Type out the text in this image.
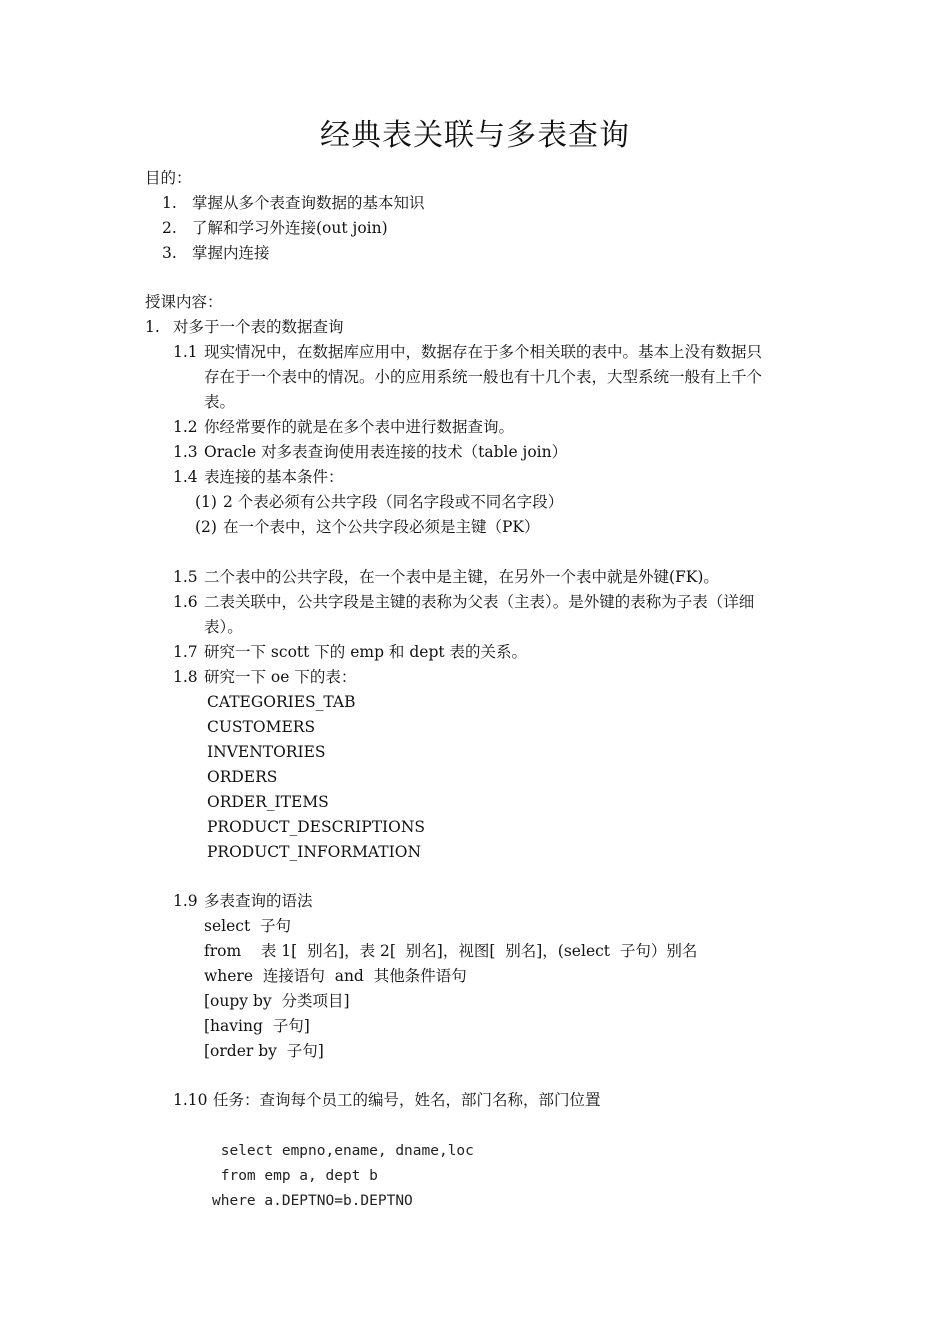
经典表关联与多表查询
目的：
1. 掌握从多个表查询数据的基本知识
2. 了解和学习外连接(out join)
3. 掌握内连接
授课内容：
1. 对多于一个表的数据查询
1.1 现实情况中，在数据库应用中，数据存在于多个相关联的表中。基本上没有数据只
存在于一个表中的情况。小的应用系统一般也有十几个表，大型系统一般有上千个
表。
1.2 你经常要作的就是在多个表中进行数据查询。
1.3 Oracle 对多表查询使用表连接的技术（table join）
1.4 表连接的基本条件：
(1) 2 个表必须有公共字段（同名字段或不同名字段）
(2) 在一个表中，这个公共字段必须是主键（PK）
1.5 二个表中的公共字段，在一个表中是主键，在另外一个表中就是外键(FK)。
1.6 二表关联中，公共字段是主键的表称为父表（主表）。是外键的表称为子表（详细
表）。
1.7 研究一下 scott 下的 emp 和 dept 表的关系。
1.8 研究一下 oe 下的表：
CATEGORIES_TAB
CUSTOMERS
INVENTORIES
ORDERS
ORDER_ITEMS
PRODUCT_DESCRIPTIONS
PRODUCT_INFORMATION
1.9 多表查询的语法
select  子句
from    表 1[  别名]，表 2[  别名]，视图[  别名]，(select  子句）别名
where  连接语句  and  其他条件语句
[oupy by  分类项目]
[having  子句]
[order by  子句]
1.10 任务：查询每个员工的编号，姓名，部门名称，部门位置
select empno,ename, dname,loc
from emp a, dept b
where a.DEPTNO=b.DEPTNO
